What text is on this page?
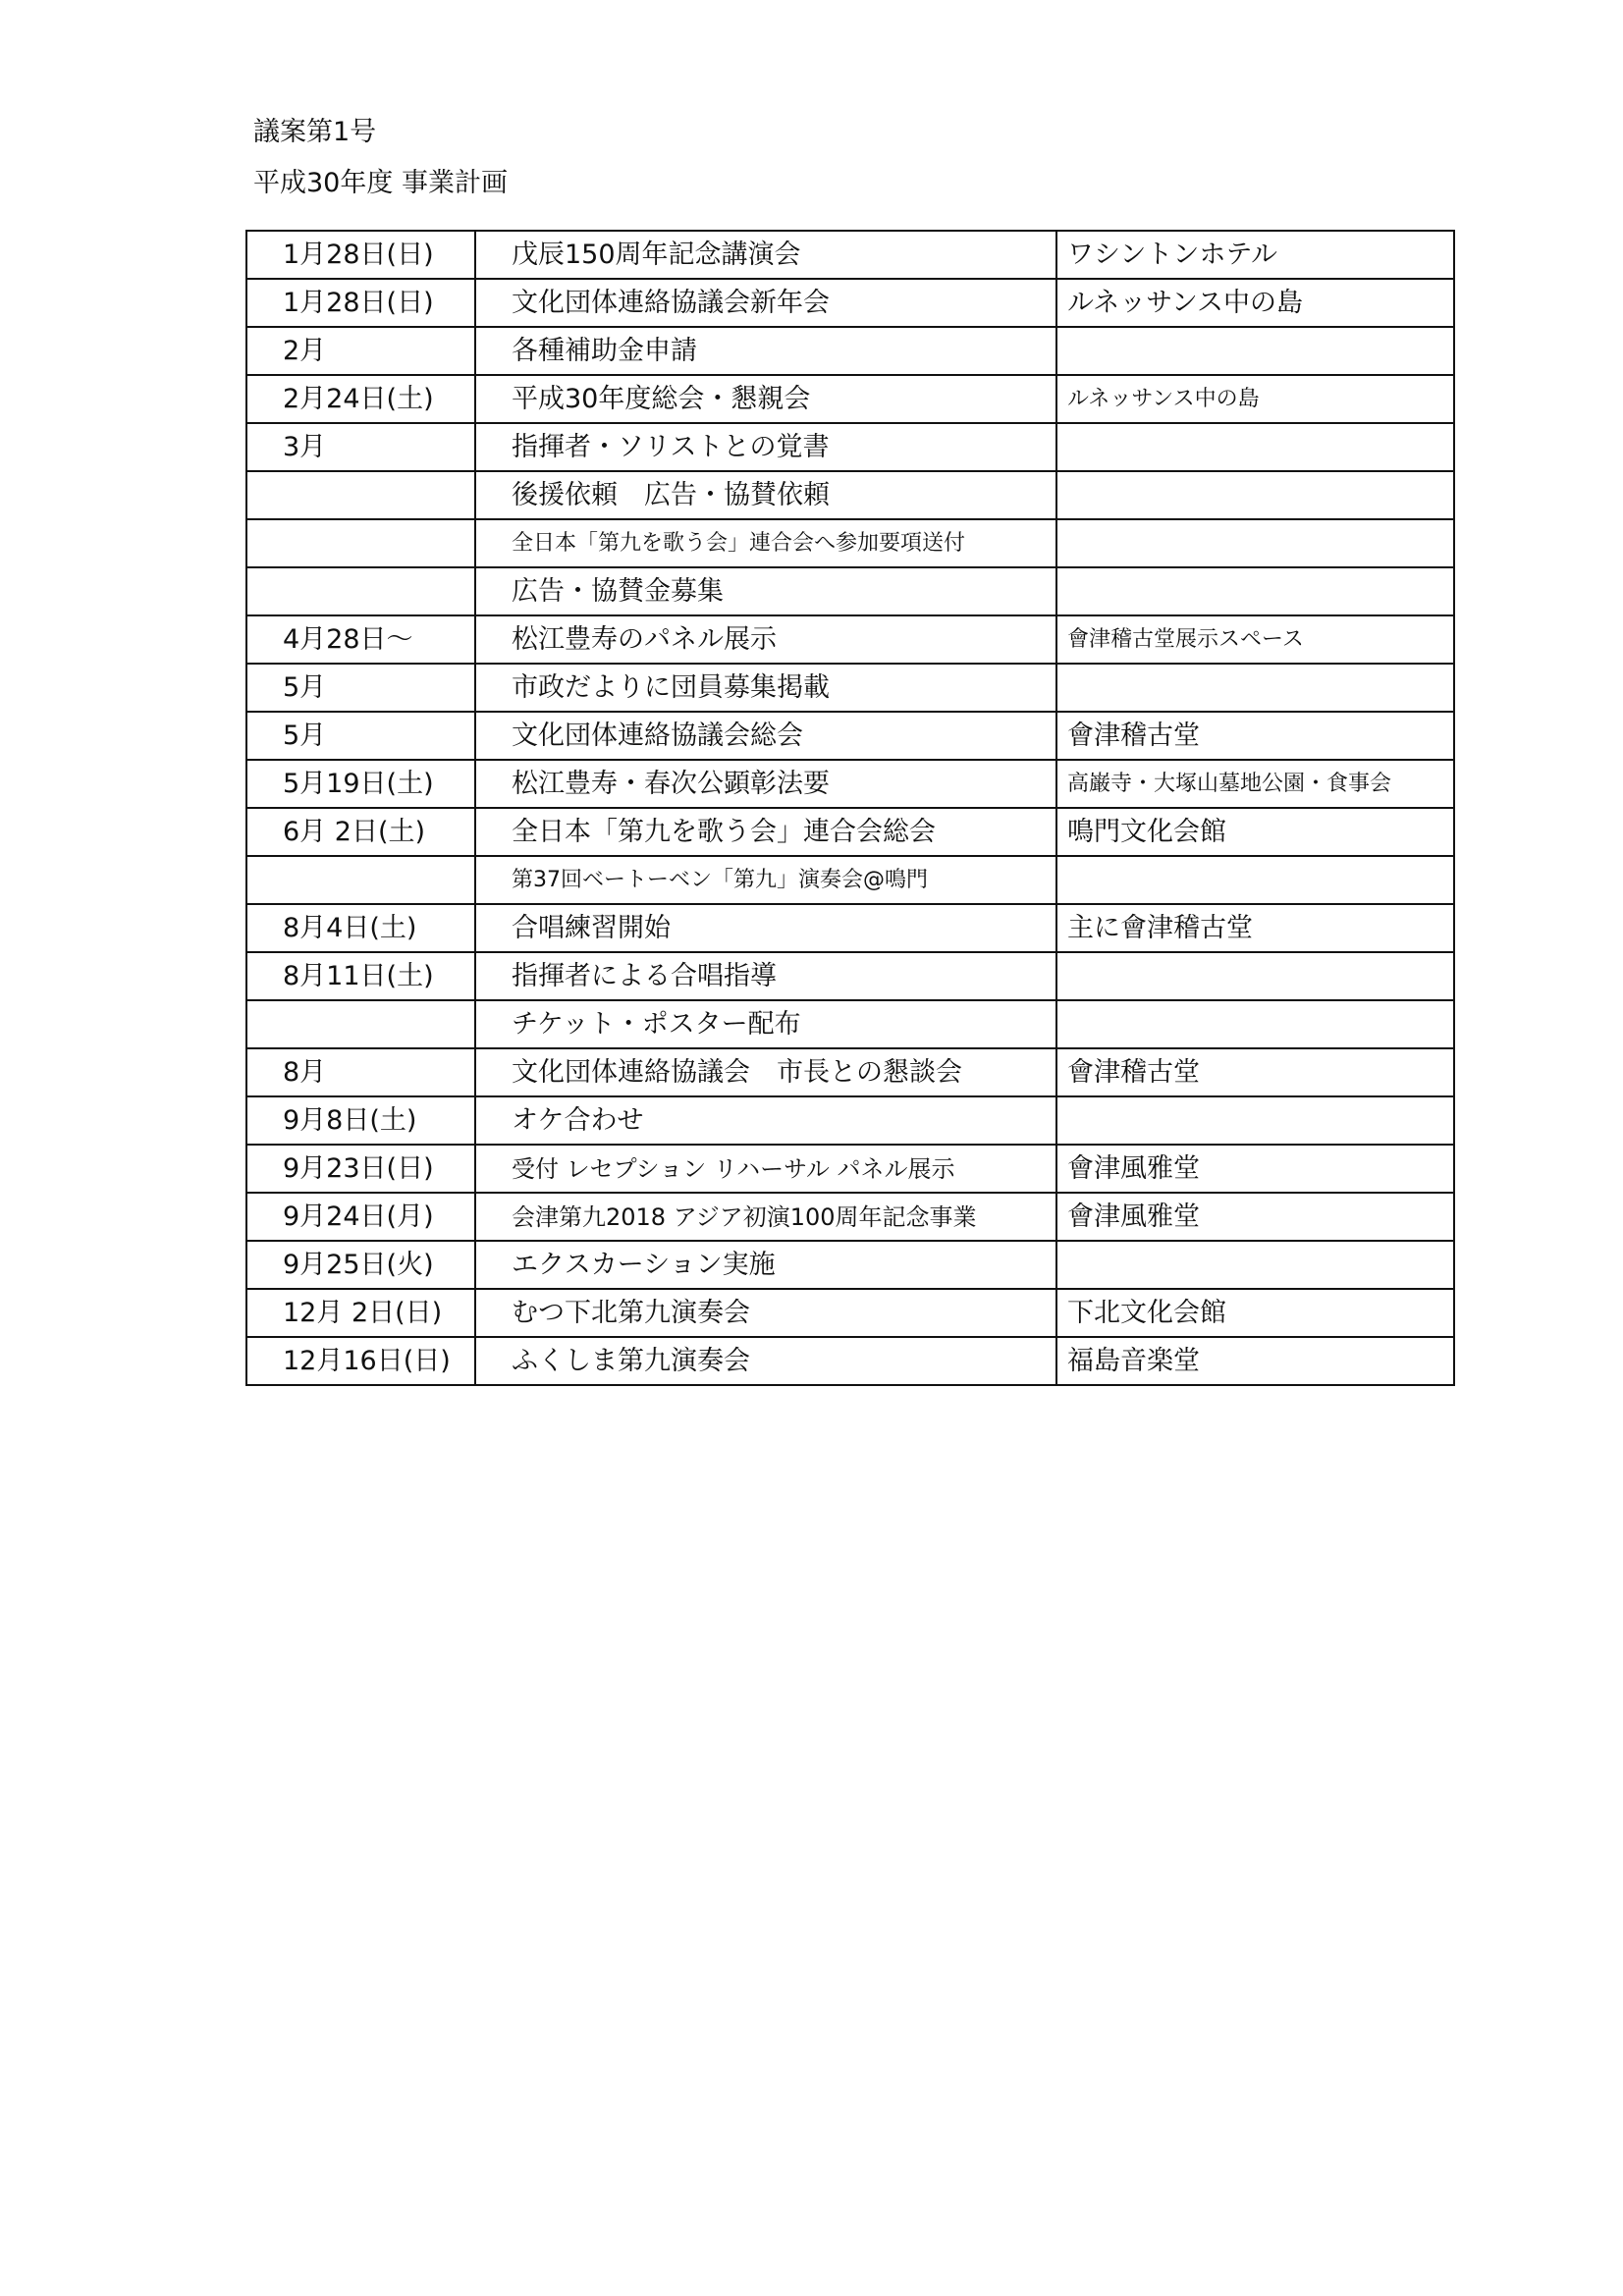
議案第1号
平成30年度 事業計画
1月28日(日)	戊辰150周年記念講演会	ワシントンホテル
1月28日(日)	文化団体連絡協議会新年会	ルネッサンス中の島
2月	各種補助金申請	
2月24日(土)	平成30年度総会・懇親会	ルネッサンス中の島
3月	指揮者・ソリストとの覚書	
	後援依頼　広告・協賛依頼	
	全日本「第九を歌う会」連合会へ参加要項送付	
	広告・協賛金募集	
4月28日～	松江豊寿のパネル展示	會津稽古堂展示スペース
5月	市政だよりに団員募集掲載	
5月	文化団体連絡協議会総会	會津稽古堂
5月19日(土)	松江豊寿・春次公顕彰法要	高巌寺・大塚山墓地公園・食事会
6月 2日(土)	全日本「第九を歌う会」連合会総会	鳴門文化会館
	第37回ベートーベン「第九」演奏会@鳴門	
8月4日(土)	合唱練習開始	主に會津稽古堂
8月11日(土)	指揮者による合唱指導	
	チケット・ポスター配布	
8月	文化団体連絡協議会　市長との懇談会	會津稽古堂
9月8日(土)	オケ合わせ	
9月23日(日)	受付 レセプション リハーサル パネル展示	會津風雅堂
9月24日(月)	会津第九2018 アジア初演100周年記念事業	會津風雅堂
9月25日(火)	エクスカーション実施	
12月 2日(日)	むつ下北第九演奏会	下北文化会館
12月16日(日)	ふくしま第九演奏会	福島音楽堂
